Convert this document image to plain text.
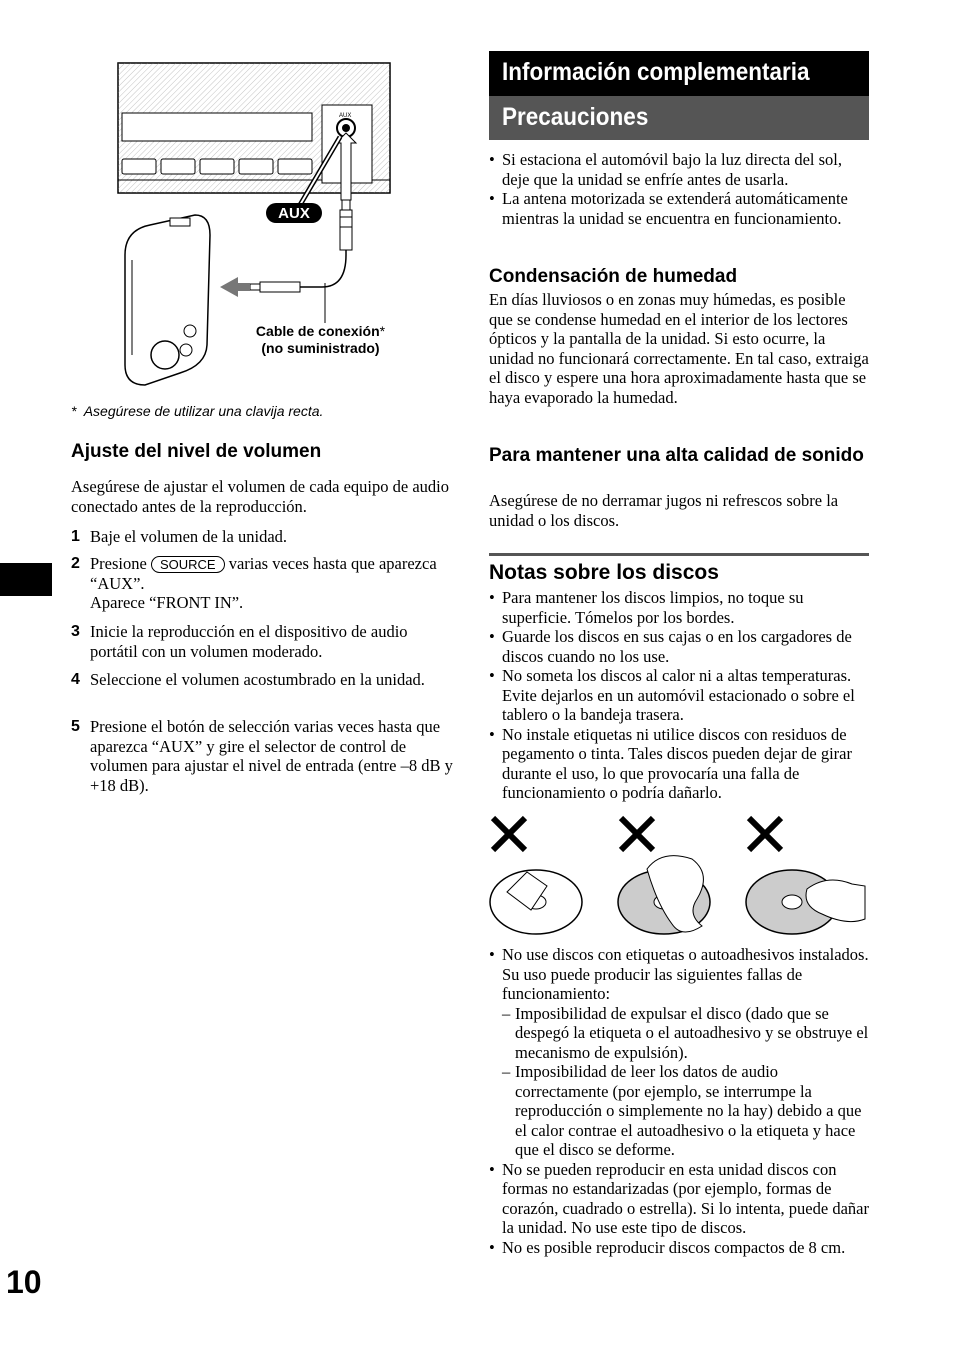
AUX
AUX
Cable de conexión*
(no suministrado)
* Asegúrese de utilizar una clavija recta.
Ajuste del nivel de volumen
Asegúrese de ajustar el volumen de cada equipo de audio conectado antes de la reproducción.
1 Baje el volumen de la unidad.
2 Presione SOURCE varias veces hasta que aparezca “AUX”.
Aparece “FRONT IN”.
3 Inicie la reproducción en el dispositivo de audio portátil con un volumen moderado.
4 Seleccione el volumen acostumbrado en la unidad.
5 Presione el botón de selección varias veces hasta que aparezca “AUX” y gire el selector de control de volumen para ajustar el nivel de entrada (entre –8 dB y +18 dB).
10
Información complementaria
Precauciones
• Si estaciona el automóvil bajo la luz directa del sol, deje que la unidad se enfríe antes de usarla.
• La antena motorizada se extenderá automáticamente mientras la unidad se encuentra en funcionamiento.
Condensación de humedad
En días lluviosos o en zonas muy húmedas, es posible que se condense humedad en el interior de los lectores ópticos y la pantalla de la unidad. Si esto ocurre, la unidad no funcionará correctamente. En tal caso, extraiga el disco y espere una hora aproximadamente hasta que se haya evaporado la humedad.
Para mantener una alta calidad de sonido
Asegúrese de no derramar jugos ni refrescos sobre la unidad o los discos.
Notas sobre los discos
• Para mantener los discos limpios, no toque su superficie. Tómelos por los bordes.
• Guarde los discos en sus cajas o en los cargadores de discos cuando no los use.
• No someta los discos al calor ni a altas temperaturas. Evite dejarlos en un automóvil estacionado o sobre el tablero o la bandeja trasera.
• No instale etiquetas ni utilice discos con residuos de pegamento o tinta. Tales discos pueden dejar de girar durante el uso, lo que provocaría una falla de funcionamiento o podría dañarlo.
• No use discos con etiquetas o autoadhesivos instalados.
Su uso puede producir las siguientes fallas de funcionamiento:
– Imposibilidad de expulsar el disco (dado que se despegó la etiqueta o el autoadhesivo y se obstruye el mecanismo de expulsión).
– Imposibilidad de leer los datos de audio correctamente (por ejemplo, se interrumpe la reproducción o simplemente no la hay) debido a que el calor contrae el autoadhesivo o la etiqueta y hace que el disco se deforme.
• No se pueden reproducir en esta unidad discos con formas no estandarizadas (por ejemplo, formas de corazón, cuadrado o estrella). Si lo intenta, puede dañar la unidad. No use este tipo de discos.
• No es posible reproducir discos compactos de 8 cm.
